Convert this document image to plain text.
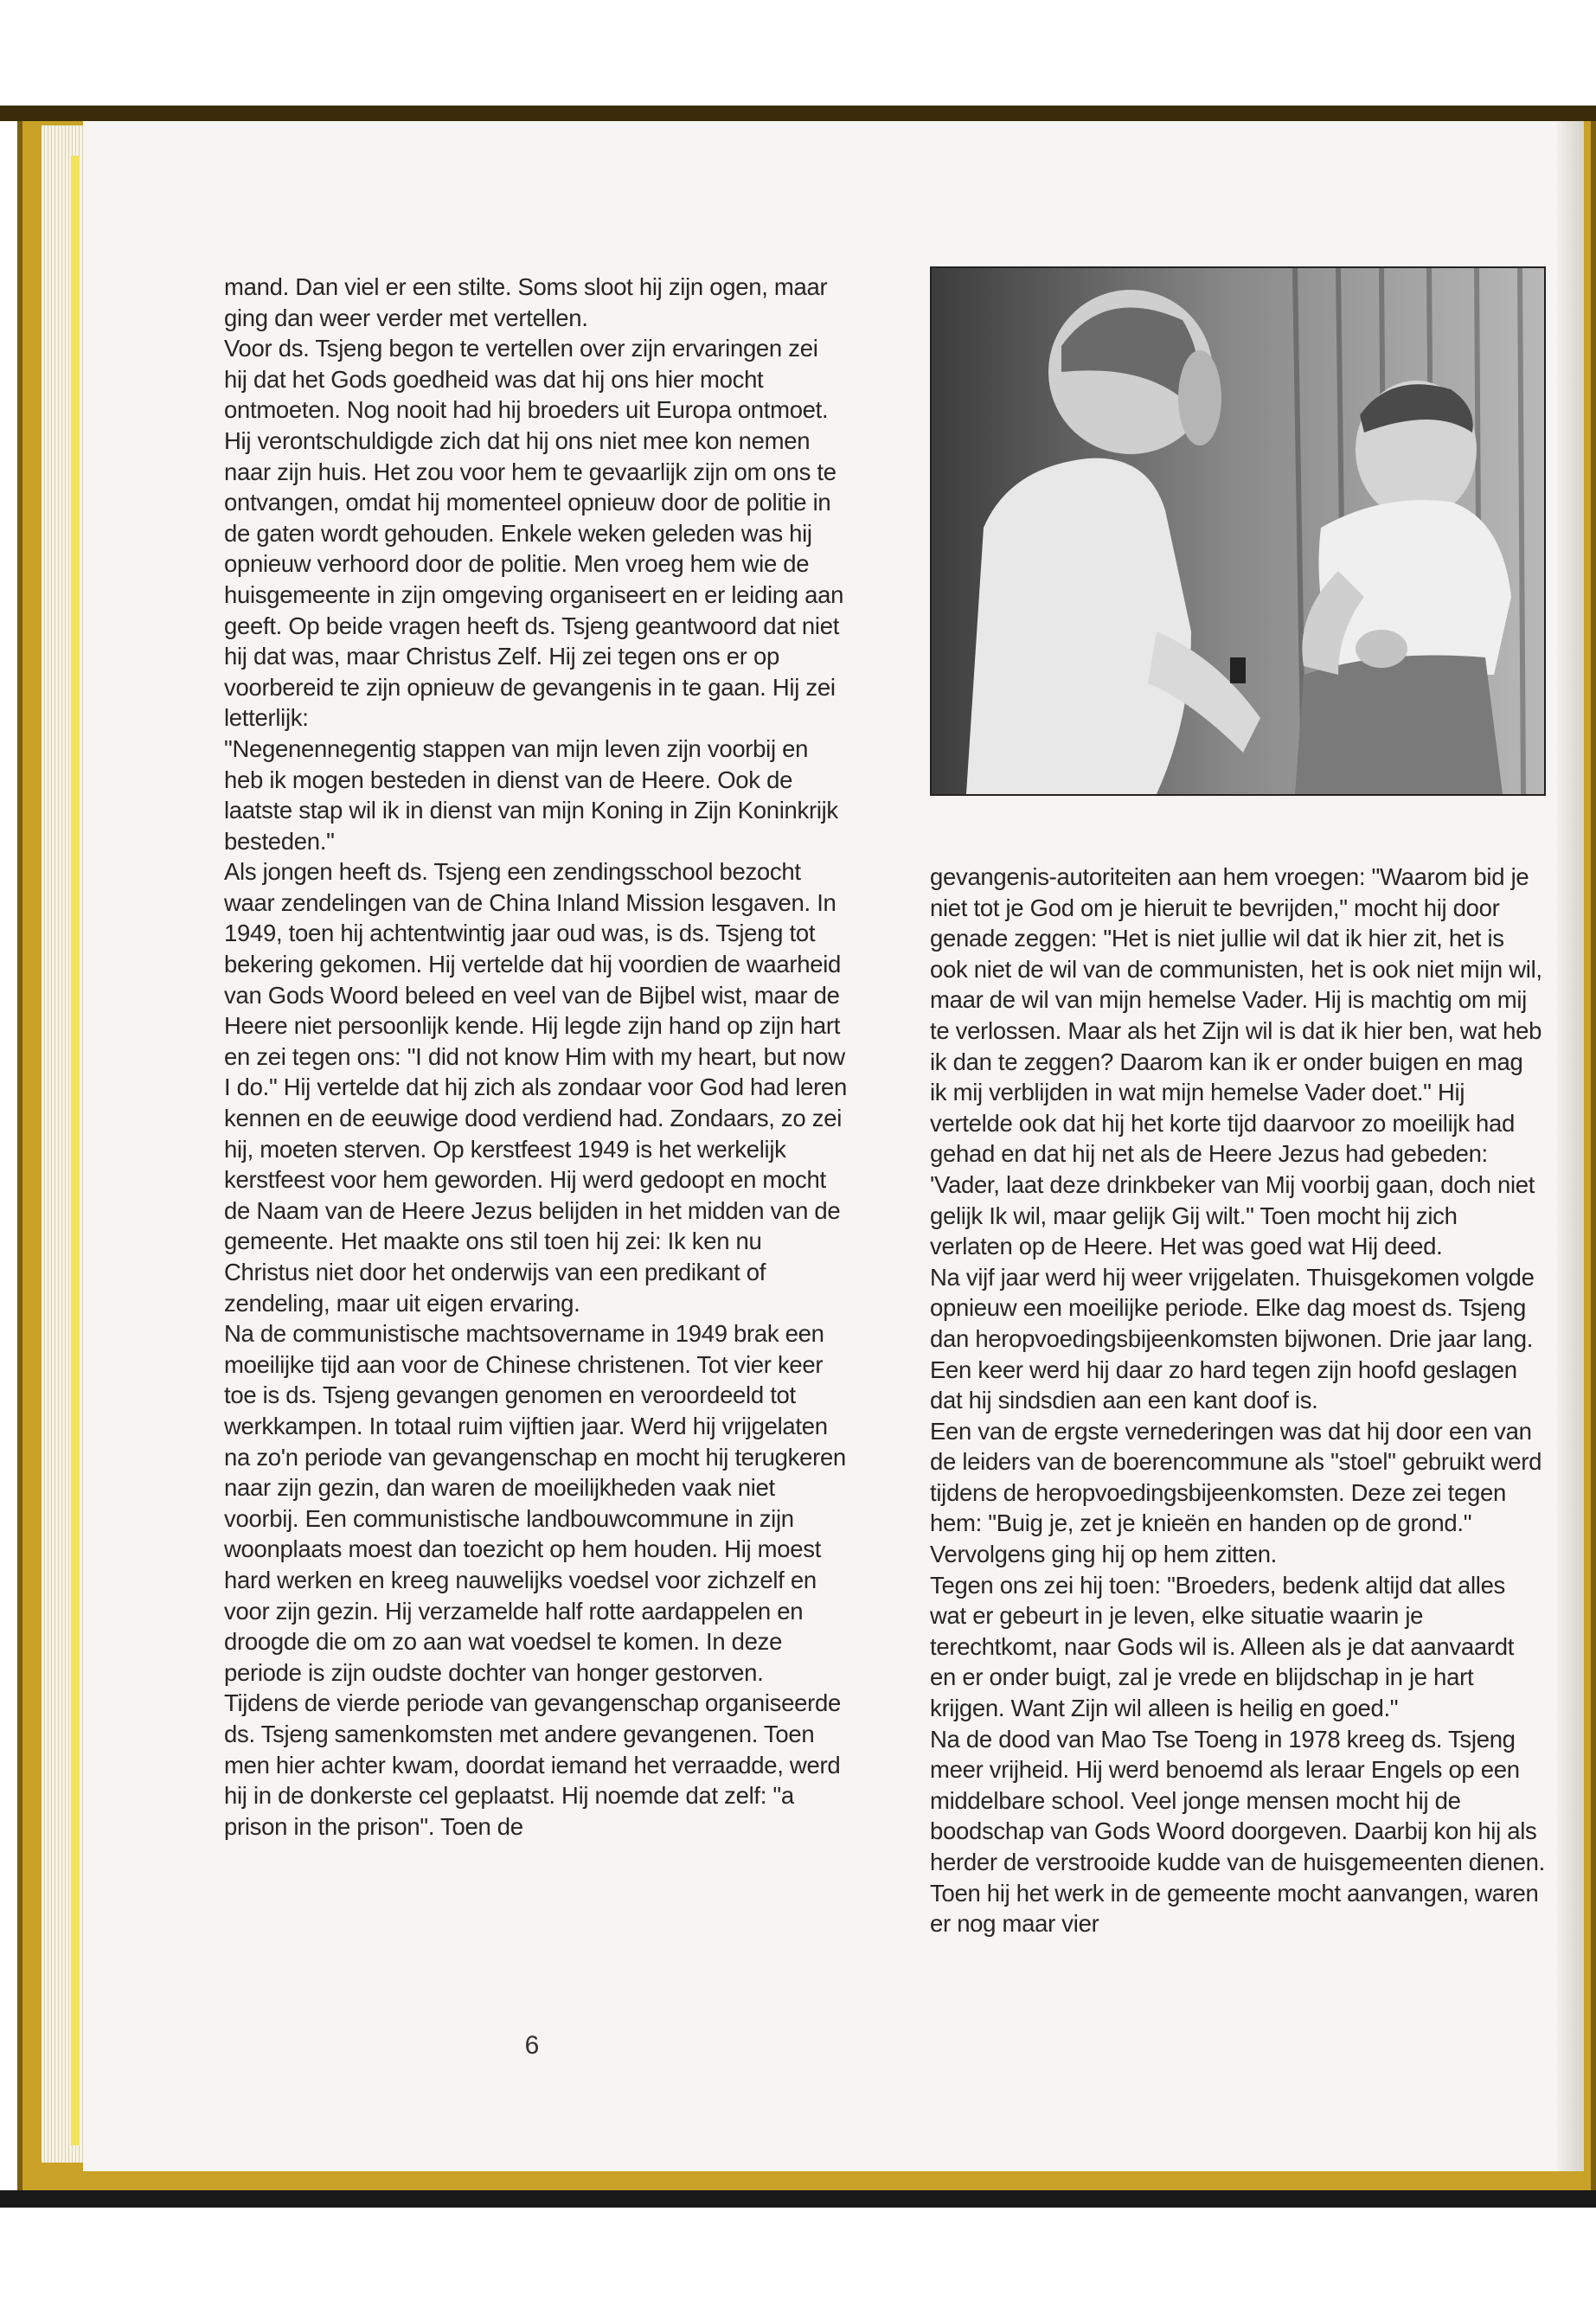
mand. Dan viel er een stilte. Soms sloot hij zijn ogen, maar ging dan weer verder met vertellen.

Voor ds. Tsjeng begon te vertellen over zijn ervaringen zei hij dat het Gods goedheid was dat hij ons hier mocht ontmoeten. Nog nooit had hij broeders uit Europa ontmoet. Hij verontschuldigde zich dat hij ons niet mee kon nemen naar zijn huis. Het zou voor hem te gevaarlijk zijn om ons te ontvangen, omdat hij momenteel opnieuw door de politie in de gaten wordt gehouden. Enkele weken geleden was hij opnieuw verhoord door de politie. Men vroeg hem wie de huisgemeente in zijn omgeving organiseert en er leiding aan geeft. Op beide vragen heeft ds. Tsjeng geantwoord dat niet hij dat was, maar Christus Zelf. Hij zei tegen ons er op voorbereid te zijn opnieuw de gevangenis in te gaan. Hij zei letterlijk:

"Negenennegentig stappen van mijn leven zijn voorbij en heb ik mogen besteden in dienst van de Heere. Ook de laatste stap wil ik in dienst van mijn Koning in Zijn Koninkrijk besteden."

Als jongen heeft ds. Tsjeng een zendingsschool bezocht waar zendelingen van de China Inland Mission lesgaven. In 1949, toen hij achtentwintig jaar oud was, is ds. Tsjeng tot bekering gekomen. Hij vertelde dat hij voordien de waarheid van Gods Woord beleed en veel van de Bijbel wist, maar de Heere niet persoonlijk kende. Hij legde zijn hand op zijn hart en zei tegen ons: "I did not know Him with my heart, but now I do." Hij vertelde dat hij zich als zondaar voor God had leren kennen en de eeuwige dood verdiend had. Zondaars, zo zei hij, moeten sterven. Op kerstfeest 1949 is het werkelijk kerstfeest voor hem geworden. Hij werd gedoopt en mocht de Naam van de Heere Jezus belijden in het midden van de gemeente. Het maakte ons stil toen hij zei: Ik ken nu Christus niet door het onderwijs van een predikant of zendeling, maar uit eigen ervaring.

Na de communistische machtsovername in 1949 brak een moeilijke tijd aan voor de Chinese christenen. Tot vier keer toe is ds. Tsjeng gevangen genomen en veroordeeld tot werkkampen. In totaal ruim vijftien jaar. Werd hij vrijgelaten na zo'n periode van gevangenschap en mocht hij terugkeren naar zijn gezin, dan waren de moeilijkheden vaak niet voorbij. Een communistische landbouwcommune in zijn woonplaats moest dan toezicht op hem houden. Hij moest hard werken en kreeg nauwelijks voedsel voor zichzelf en voor zijn gezin. Hij verzamelde half rotte aardappelen en droogde die om zo aan wat voedsel te komen. In deze periode is zijn oudste dochter van honger gestorven.

Tijdens de vierde periode van gevangenschap organiseerde ds. Tsjeng samenkomsten met andere gevangenen. Toen men hier achter kwam, doordat iemand het verraadde, werd hij in de donkerste cel geplaatst. Hij noemde dat zelf: "a prison in the prison". Toen de

gevangenis-autoriteiten aan hem vroegen: "Waarom bid je niet tot je God om je hieruit te bevrijden," mocht hij door genade zeggen: "Het is niet jullie wil dat ik hier zit, het is ook niet de wil van de communisten, het is ook niet mijn wil, maar de wil van mijn hemelse Vader. Hij is machtig om mij te verlossen. Maar als het Zijn wil is dat ik hier ben, wat heb ik dan te zeggen? Daarom kan ik er onder buigen en mag ik mij verblijden in wat mijn hemelse Vader doet." Hij vertelde ook dat hij het korte tijd daarvoor zo moeilijk had gehad en dat hij net als de Heere Jezus had gebeden: 'Vader, laat deze drinkbeker van Mij voorbij gaan, doch niet gelijk Ik wil, maar gelijk Gij wilt." Toen mocht hij zich verlaten op de Heere. Het was goed wat Hij deed.

Na vijf jaar werd hij weer vrijgelaten. Thuisgekomen volgde opnieuw een moeilijke periode. Elke dag moest ds. Tsjeng dan heropvoedingsbijeenkomsten bijwonen. Drie jaar lang. Een keer werd hij daar zo hard tegen zijn hoofd geslagen dat hij sindsdien aan een kant doof is.

Een van de ergste vernederingen was dat hij door een van de leiders van de boerencommune als "stoel" gebruikt werd tijdens de heropvoedingsbijeenkomsten. Deze zei tegen hem: "Buig je, zet je knieën en handen op de grond." Vervolgens ging hij op hem zitten.

Tegen ons zei hij toen: "Broeders, bedenk altijd dat alles wat er gebeurt in je leven, elke situatie waarin je terechtkomt, naar Gods wil is. Alleen als je dat aanvaardt en er onder buigt, zal je vrede en blijdschap in je hart krijgen. Want Zijn wil alleen is heilig en goed."

Na de dood van Mao Tse Toeng in 1978 kreeg ds. Tsjeng meer vrijheid. Hij werd benoemd als leraar Engels op een middelbare school. Veel jonge mensen mocht hij de boodschap van Gods Woord doorgeven. Daarbij kon hij als herder de verstrooide kudde van de huisgemeenten dienen. Toen hij het werk in de gemeente mocht aanvangen, waren er nog maar vier

6
